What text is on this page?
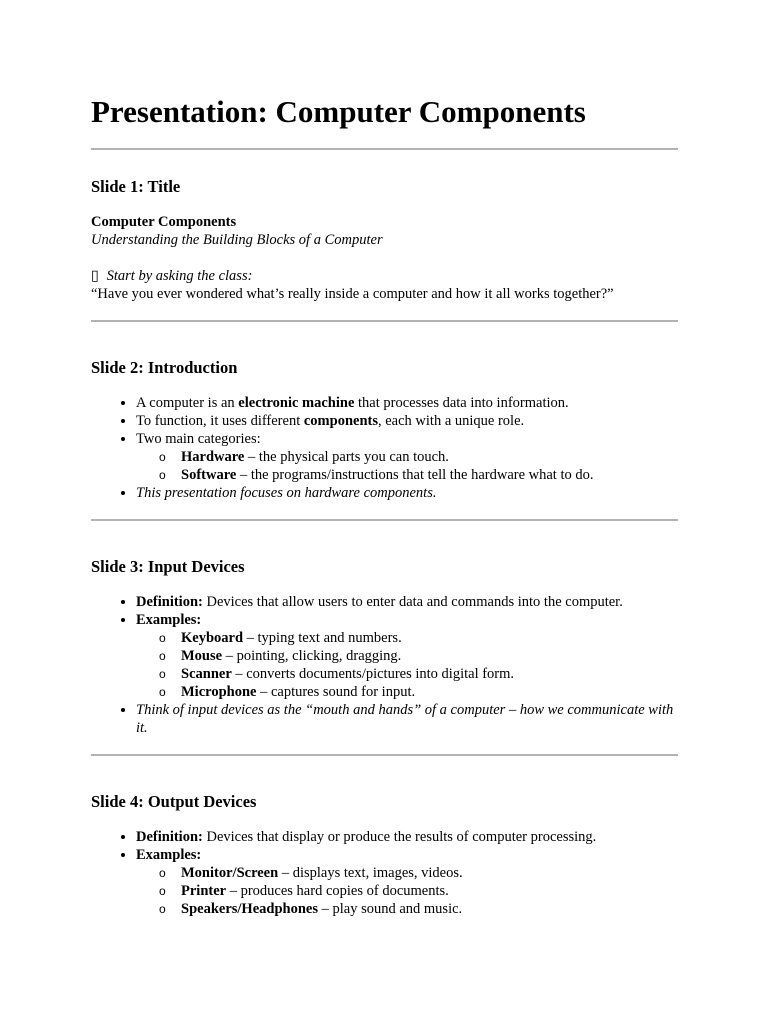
Presentation: Computer Components
Slide 1: Title

Computer Components

Understanding the Building Blocks of a Computer

▯ Start by asking the class:

“Have you ever wondered what’s really inside a computer and how it all works together?”

Slide 2: Introduction
• A computer is an electronic machine that processes data into information.
• To function, it uses different components, each with a unique role.
• Two main categories:
o Hardware – the physical parts you can touch.
o Software – the programs/instructions that tell the hardware what to do.
• This presentation focuses on hardware components.
Slide 3: Input Devices
• Definition: Devices that allow users to enter data and commands into the computer.
• Examples:
o Keyboard – typing text and numbers.
o Mouse – pointing, clicking, dragging.
o Scanner – converts documents/pictures into digital form.
o Microphone – captures sound for input.
• Think of input devices as the “mouth and hands” of a computer – how we communicate with it.
Slide 4: Output Devices
• Definition: Devices that display or produce the results of computer processing.
• Examples:
o Monitor/Screen – displays text, images, videos.
o Printer – produces hard copies of documents.
o Speakers/Headphones – play sound and music.
